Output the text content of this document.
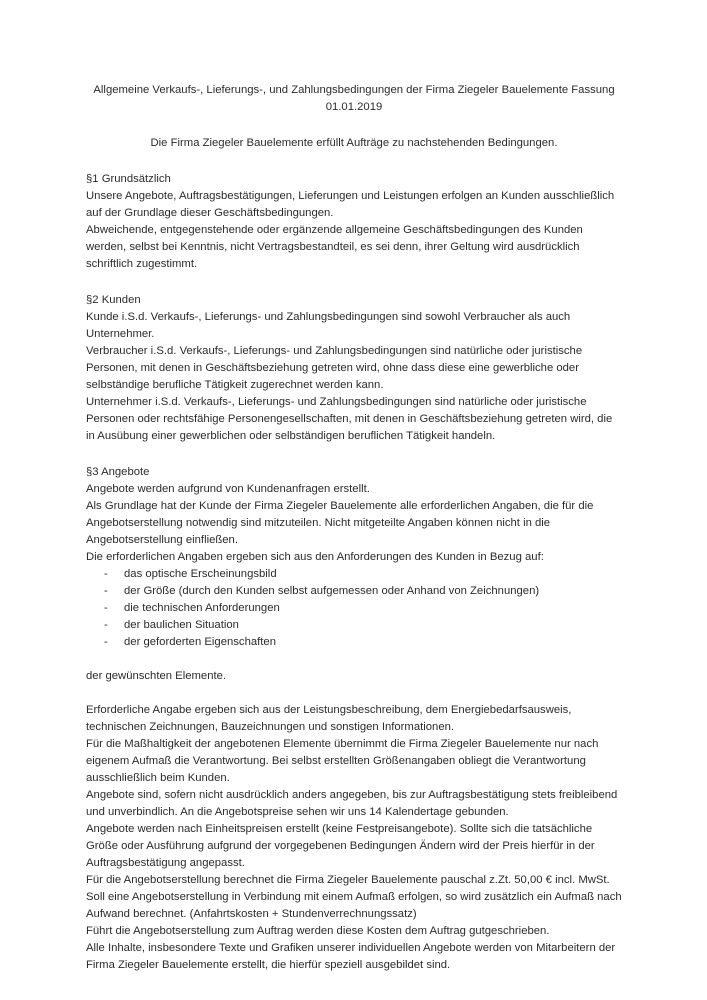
Allgemeine Verkaufs-, Lieferungs-, und Zahlungsbedingungen der Firma Ziegeler Bauelemente Fassung
01.01.2019
Die Firma Ziegeler Bauelemente erfüllt Aufträge zu nachstehenden Bedingungen.
§1 Grundsätzlich
Unsere Angebote, Auftragsbestätigungen, Lieferungen und Leistungen erfolgen an Kunden ausschließlich auf der Grundlage dieser Geschäftsbedingungen.
Abweichende, entgegenstehende oder ergänzende allgemeine Geschäftsbedingungen des Kunden werden, selbst bei Kenntnis, nicht Vertragsbestandteil, es sei denn, ihrer Geltung wird ausdrücklich schriftlich zugestimmt.
§2 Kunden
Kunde i.S.d. Verkaufs-, Lieferungs- und Zahlungsbedingungen sind sowohl Verbraucher als auch Unternehmer.
Verbraucher i.S.d. Verkaufs-, Lieferungs- und Zahlungsbedingungen sind natürliche oder juristische Personen, mit denen in Geschäftsbeziehung getreten wird, ohne dass diese eine gewerbliche oder selbständige berufliche Tätigkeit zugerechnet werden kann.
Unternehmer i.S.d. Verkaufs-, Lieferungs- und Zahlungsbedingungen sind natürliche oder juristische Personen oder rechtsfähige Personengesellschaften, mit denen in Geschäftsbeziehung getreten wird, die in Ausübung einer gewerblichen oder selbständigen beruflichen Tätigkeit handeln.
§3 Angebote
Angebote werden aufgrund von Kundenanfragen erstellt.
Als Grundlage hat der Kunde der Firma Ziegeler Bauelemente alle erforderlichen Angaben, die für die Angebotserstellung notwendig sind mitzuteilen. Nicht mitgeteilte Angaben können nicht in die Angebotserstellung einfließen.
Die erforderlichen Angaben ergeben sich aus den Anforderungen des Kunden in Bezug auf:
- das optische Erscheinungsbild
- der Größe (durch den Kunden selbst aufgemessen oder Anhand von Zeichnungen)
- die technischen Anforderungen
- der baulichen Situation
- der geforderten Eigenschaften
der gewünschten Elemente.
Erforderliche Angabe ergeben sich aus der Leistungsbeschreibung, dem Energiebedarfsausweis, technischen Zeichnungen, Bauzeichnungen und sonstigen Informationen.
Für die Maßhaltigkeit der angebotenen Elemente übernimmt die Firma Ziegeler Bauelemente nur nach eigenem Aufmaß die Verantwortung. Bei selbst erstellten Größenangaben obliegt die Verantwortung ausschließlich beim Kunden.
Angebote sind, sofern nicht ausdrücklich anders angegeben, bis zur Auftragsbestätigung stets freibleibend und unverbindlich. An die Angebotspreise sehen wir uns 14 Kalendertage gebunden.
Angebote werden nach Einheitspreisen erstellt (keine Festpreisangebote). Sollte sich die tatsächliche Größe oder Ausführung aufgrund der vorgegebenen Bedingungen Ändern wird der Preis hierfür in der Auftragsbestätigung angepasst.
Für die Angebotserstellung berechnet die Firma Ziegeler Bauelemente pauschal z.Zt. 50,00 € incl. MwSt.
Soll eine Angebotserstellung in Verbindung mit einem Aufmaß erfolgen, so wird zusätzlich ein Aufmaß nach Aufwand berechnet. (Anfahrtskosten + Stundenverrechnungssatz)
Führt die Angebotserstellung zum Auftrag werden diese Kosten dem Auftrag gutgeschrieben.
Alle Inhalte, insbesondere Texte und Grafiken unserer individuellen Angebote werden von Mitarbeitern der Firma Ziegeler Bauelemente erstellt, die hierfür speziell ausgebildet sind.
